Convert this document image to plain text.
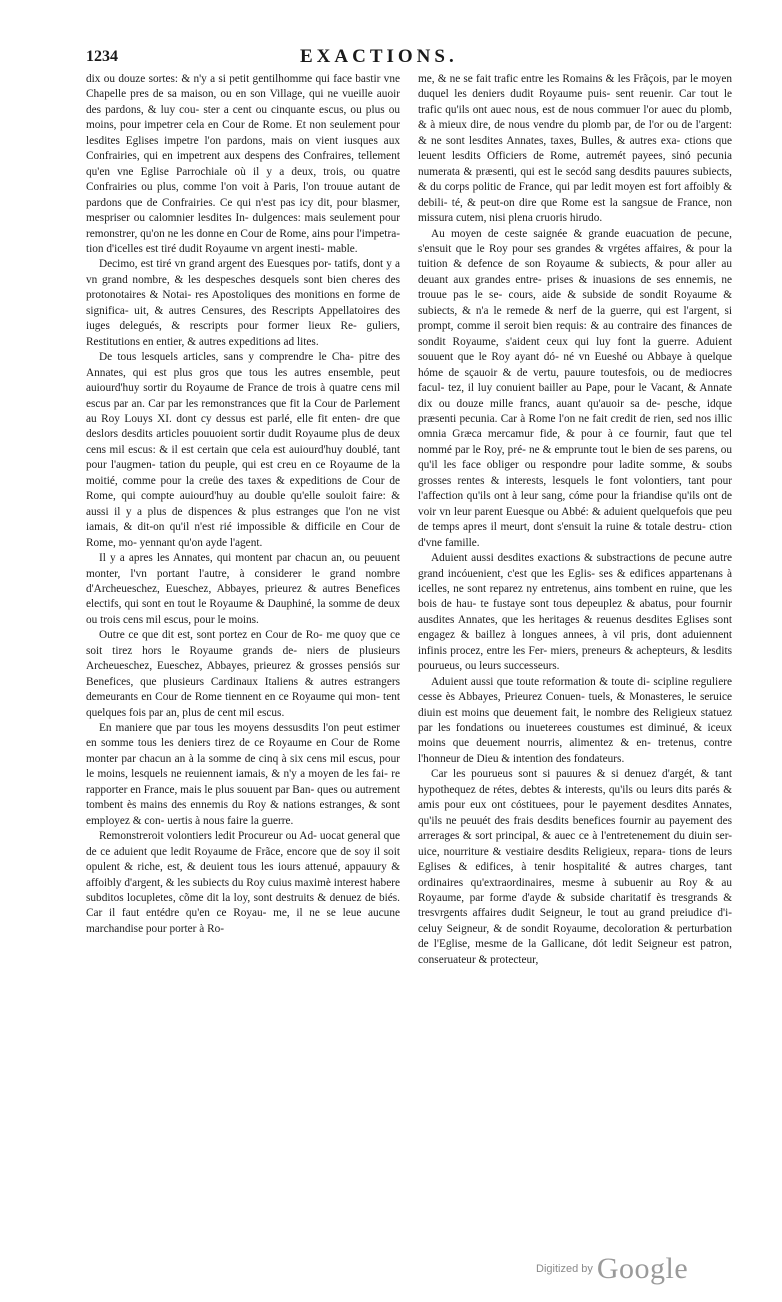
1234	EXACTIONS.

dix ou douze sortes: & n'y a si petit gentilhomme qui face bastir vne Chapelle pres de sa maison, ou en son Village, qui ne vueille auoir des pardons, & luy cou- ster a cent ou cinquante escus, ou plus ou moins, pour impetrer cela en Cour de Rome. Et non seulement pour lesdites Eglises impetre l'on pardons, mais on vient iusques aux Confrairies, qui en impetrent aux despens des Confraires, tellement qu'en vne Eglise Parrochiale où il y a deux, trois, ou quatre Confrairies ou plus, comme l'on voit à Paris, l'on trouue autant de pardons que de Confrairies. Ce qui n'est pas icy dit, pour blasmer, mespriser ou calomnier lesdites In- dulgences: mais seulement pour remonstrer, qu'on ne les donne en Cour de Rome, ains pour l'impetra- tion d'icelles est tiré dudit Royaume vn argent inesti- mable.

Decimo, est tiré vn grand argent des Euesques por- tatifs, dont y a vn grand nombre, & les despesches desquels sont bien cheres des protonotaires & Notai- res Apostoliques des monitions en forme de significa- uit, & autres Censures, des Rescripts Appellatoires des iuges delegués, & rescripts pour former lieux Re- guliers, Restitutions en entier, & autres expeditions ad lites.

De tous lesquels articles, sans y comprendre le Cha- pitre des Annates, qui est plus gros que tous les autres ensemble, peut auiourd'huy sortir du Royaume de France de trois à quatre cens mil escus par an. Car par les remonstrances que fit la Cour de Parlement au Roy Louys XI. dont cy dessus est parlé, elle fit enten- dre que deslors desdits articles pouuoient sortir dudit Royaume plus de deux cens mil escus: & il est certain que cela est auiourd'huy doublé, tant pour l'augmen- tation du peuple, qui est creu en ce Royaume de la moitié, comme pour la creüe des taxes & expeditions de Cour de Rome, qui compte auiourd'huy au double qu'elle souloit faire: & aussi il y a plus de dispences & plus estranges que l'on ne vist iamais, & dit-on qu'il n'est rié impossible & difficile en Cour de Rome, mo- yennant qu'on ayde l'agent.

Il y a apres les Annates, qui montent par chacun an, ou peuuent monter, l'vn portant l'autre, à considerer le grand nombre d'Archeueschez, Eueschez, Abbayes, prieurez & autres Benefices electifs, qui sont en tout le Royaume & Dauphiné, la somme de deux ou trois cens mil escus, pour le moins.

Outre ce que dit est, sont portez en Cour de Ro- me quoy que ce soit tirez hors le Royaume grands de- niers de plusieurs Archeueschez, Eueschez, Abbayes, prieurez & grosses pensiós sur Benefices, que plusieurs Cardinaux Italiens & autres estrangers demeurants en Cour de Rome tiennent en ce Royaume qui mon- tent quelques fois par an, plus de cent mil escus.

En maniere que par tous les moyens dessusdits l'on peut estimer en somme tous les deniers tirez de ce Royaume en Cour de Rome monter par chacun an à la somme de cinq à six cens mil escus, pour le moins, lesquels ne reuiennent iamais, & n'y a moyen de les fai- re rapporter en France, mais le plus souuent par Ban- ques ou autrement tombent ès mains des ennemis du Roy & nations estranges, & sont employez & con- uertis à nous faire la guerre.

Remonstreroit volontiers ledit Procureur ou Ad- uocat general que de ce aduient que ledit Royaume de Frãce, encore que de soy il soit opulent & riche, est, & deuient tous les iours attenué, appauury & affoibly d'argent, & les subiects du Roy cuius maximè interest habere subditos locupletes, cõme dit la loy, sont destruits & denuez de biés. Car il faut entédre qu'en ce Royau- me, il ne se leue aucune marchandise pour porter à Ro-

me, & ne se fait trafic entre les Romains & les Frãçois, par le moyen duquel les deniers dudit Royaume puis- sent reuenir. Car tout le trafic qu'ils ont auec nous, est de nous commuer l'or auec du plomb, & à mieux dire, de nous vendre du plomb par, de l'or ou de l'argent: & ne sont lesdites Annates, taxes, Bulles, & autres exa- ctions que leuent lesdits Officiers de Rome, autremét payees, sinó pecunia numerata & præsenti, qui est le secód sang desdits pauures subiects, & du corps politic de France, qui par ledit moyen est fort affoibly & debili- té, & peut-on dire que Rome est la sangsue de France, non missura cutem, nisi plena cruoris hirudo.

Au moyen de ceste saignée & grande euacuation de pecune, s'ensuit que le Roy pour ses grandes & vrgétes affaires, & pour la tuition & defence de son Royaume & subiects, & pour aller au deuant aux grandes entre- prises & inuasions de ses ennemis, ne trouue pas le se- cours, aide & subside de sondit Royaume & subiects, & n'a le remede & nerf de la guerre, qui est l'argent, si prompt, comme il seroit bien requis: & au contraire des finances de sondit Royaume, s'aident ceux qui luy font la guerre. Aduient souuent que le Roy ayant dó- né vn Eueshé ou Abbaye à quelque hóme de sçauoir & de vertu, pauure toutesfois, ou de mediocres facul- tez, il luy conuient bailler au Pape, pour le Vacant, & Annate dix ou douze mille francs, auant qu'auoir sa de- pesche, idque præsenti pecunia. Car à Rome l'on ne fait credit de rien, sed nos illic omnia Græca mercamur fide, & pour à ce fournir, faut que tel nommé par le Roy, pré- ne & emprunte tout le bien de ses parens, ou qu'il les face obliger ou respondre pour ladite somme, & soubs grosses rentes & interests, lesquels le font volontiers, tant pour l'affection qu'ils ont à leur sang, cóme pour la friandise qu'ils ont de voir vn leur parent Euesque ou Abbé: & aduient quelquefois que peu de temps apres il meurt, dont s'ensuit la ruine & totale destru- ction d'vne famille.

Aduient aussi desdites exactions & substractions de pecune autre grand incóuenient, c'est que les Eglis- ses & edifices appartenans à icelles, ne sont reparez ny entretenus, ains tombent en ruine, que les bois de hau- te fustaye sont tous depeuplez & abatus, pour fournir ausdites Annates, que les heritages & reuenus desdites Eglises sont engagez & baillez à longues annees, à vil pris, dont aduiennent infinis procez, entre les Fer- miers, preneurs & achepteurs, & lesdits pourueus, ou leurs successeurs.

Aduient aussi que toute reformation & toute di- scipline reguliere cesse ès Abbayes, Prieurez Conuen- tuels, & Monasteres, le seruice diuin est moins que deuement fait, le nombre des Religieux statuez par les fondations ou inueterees coustumes est diminué, & iceux moins que deuement nourris, alimentez & en- tretenus, contre l'honneur de Dieu & intention des fondateurs.

Car les pourueus sont si pauures & si denuez d'argét, & tant hypothequez de rétes, debtes & interests, qu'ils ou leurs dits parés & amis pour eux ont cóstituees, pour le payement desdites Annates, qu'ils ne peuuét des frais desdits benefices fournir au payement des arrerages & sort principal, & auec ce à l'entretenement du diuin ser- uice, nourriture & vestiaire desdits Religieux, repara- tions de leurs Eglises & edifices, à tenir hospitalité & autres charges, tant ordinaires qu'extraordinaires, mesme à subuenir au Roy & au Royaume, par forme d'ayde & subside charitatif ès tresgrands & tresvrgents affaires dudit Seigneur, le tout au grand preiudice d'i- celuy Seigneur, & de sondit Royaume, decoloration & perturbation de l'Eglise, mesme de la Gallicane, dót ledit Seigneur est patron, conseruateur & protecteur,

$^{Digitized by}$ Google
